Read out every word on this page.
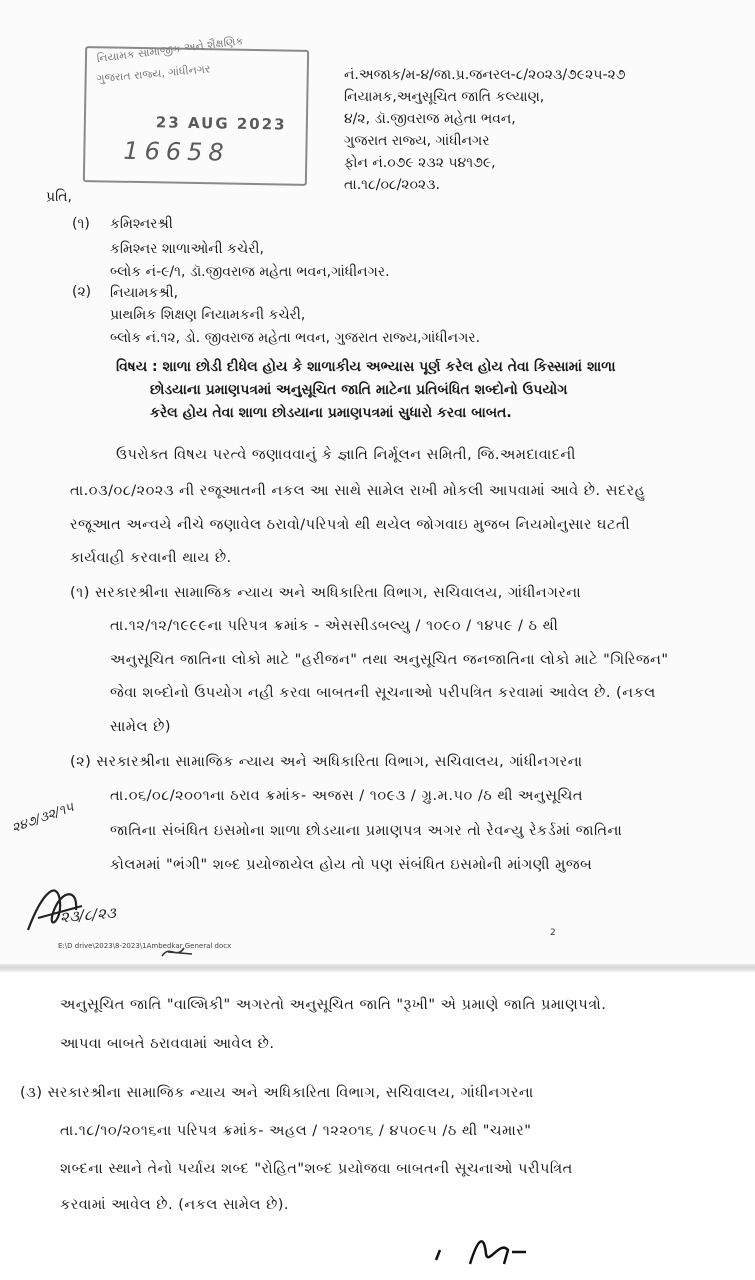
નિયામક સામાજીક અને શૈક્ષણિક
ગુજરાત રાજ્ય, ગાંધીનગર
23 AUG 2023
16658
નં.અજાક/મ-૪/જા.પ્ર.જનરલ-૮/૨૦૨૩/૭૯૨૫-૨૭
નિયામક,અનુસૂચિત જાતિ કલ્યાણ,
૪/૨, ડૉ.જીવરાજ મહેતા ભવન,
ગુજરાત રાજ્ય, ગાંધીનગર
ફોન નં.૦૭૯ ૨૩૨ ૫૪૧૭૯,
તા.૧૮/૦૮/૨૦૨૩.
પ્રતિ,
(૧) કમિશ્નરશ્રી
કમિશ્નર શાળાઓની કચેરી,
બ્લોક નં-૯/૧, ડૉ.જીવરાજ મહેતા ભવન,ગાંધીનગર.
(૨) નિયામકશ્રી,
પ્રાથમિક શિક્ષણ નિયામકની કચેરી,
બ્લોક નં.૧૨, ડો. જીવરાજ મહેતા ભવન, ગુજરાત રાજ્ય,ગાંધીનગર.
વિષય : શાળા છોડી દીધેલ હોય કે શાળાકીય અભ્યાસ પૂર્ણ કરેલ હોય તેવા કિસ્સામાં શાળા
છોડયાના પ્રમાણપત્રમાં અનુસૂચિત જાતિ માટેના પ્રતિબંધિત શબ્દોનો ઉપયોગ
કરેલ હોય તેવા શાળા છોડયાના પ્રમાણપત્રમાં સુધારો કરવા બાબત.
ઉપરોક્ત વિષય પરત્વે જણાવવાનું કે જ્ઞાતિ નિર્મૂલન સમિતી, જિ.અમદાવાદની
તા.૦૩/૦૮/૨૦૨૩ ની રજૂઆતની નકલ આ સાથે સામેલ રાખી મોકલી આપવામાં આવે છે. સદરહુ
રજૂઆત અન્વયે નીચે જણાવેલ ઠરાવો/પરિપત્રો થી થયેલ જોગવાઇ મુજબ નિયમોનુસાર ઘટતી
કાર્યવાહી કરવાની થાય છે.
(૧) સરકારશ્રીના સામાજિક ન્યાય અને અધિકારિતા વિભાગ, સચિવાલય, ગાંધીનગરના
તા.૧૨/૧૨/૧૯૯૯ના પરિપત્ર ક્રમાંક - એસસીડબલ્યુ / ૧૦૯૦ / ૧૪૫૯ / ઠ થી
અનુસૂચિત જાતિના લોકો માટે "હરીજન" તથા અનુસૂચિત જનજાતિના લોકો માટે "ગિરિજન"
જેવા શબ્દોનો ઉપયોગ નહી કરવા બાબતની સૂચનાઓ પરીપત્રિત કરવામાં આવેલ છે. (નકલ
સામેલ છે)
(૨) સરકારશ્રીના સામાજિક ન્યાય અને અધિકારિતા વિભાગ, સચિવાલય, ગાંધીનગરના
તા.૦૬/૦૮/૨૦૦૧ના ઠરાવ ક્રમાંક- અજસ / ૧૦૯૩ / ગ્રુ.મ.૫૦ /ઠ થી અનુસૂચિત
જાતિના સંબંધિત ઇસમોના શાળા છોડયાના પ્રમાણપત્ર અગર તો રેવન્યુ રેકર્ડમાં જાતિના
કોલમમાં "ભંગી" શબ્દ પ્રયોજાયેલ હોય તો પણ સંબંધિત ઇસમોની માંગણી મુજબ
૨૪૭/૩૨/૧૫
૨૩/૮/૨૩
E:\D drive\2023\8-2023\1Ambedkar General docx
2
અનુસૂચિત જાતિ "વાલ્મિકી" અગરતો અનુસૂચિત જાતિ "રૂખી" એ પ્રમાણે જાતિ પ્રમાણપત્રો.
આપવા બાબતે ઠરાવવામાં આવેલ છે.
(૩) સરકારશ્રીના સામાજિક ન્યાય અને અધિકારિતા વિભાગ, સચિવાલય, ગાંધીનગરના
તા.૧૮/૧૦/૨૦૧૬ના પરિપત્ર ક્રમાંક- અહલ / ૧૨૨૦૧૬ / ૪૫૦૯૫ /ઠ થી "ચમાર"
શબ્દના સ્થાને તેનો પર્યાય શબ્દ "રોહિત"શબ્દ પ્રયોજવા બાબતની સૂચનાઓ પરીપત્રિત
કરવામાં આવેલ છે. (નકલ સામેલ છે).
